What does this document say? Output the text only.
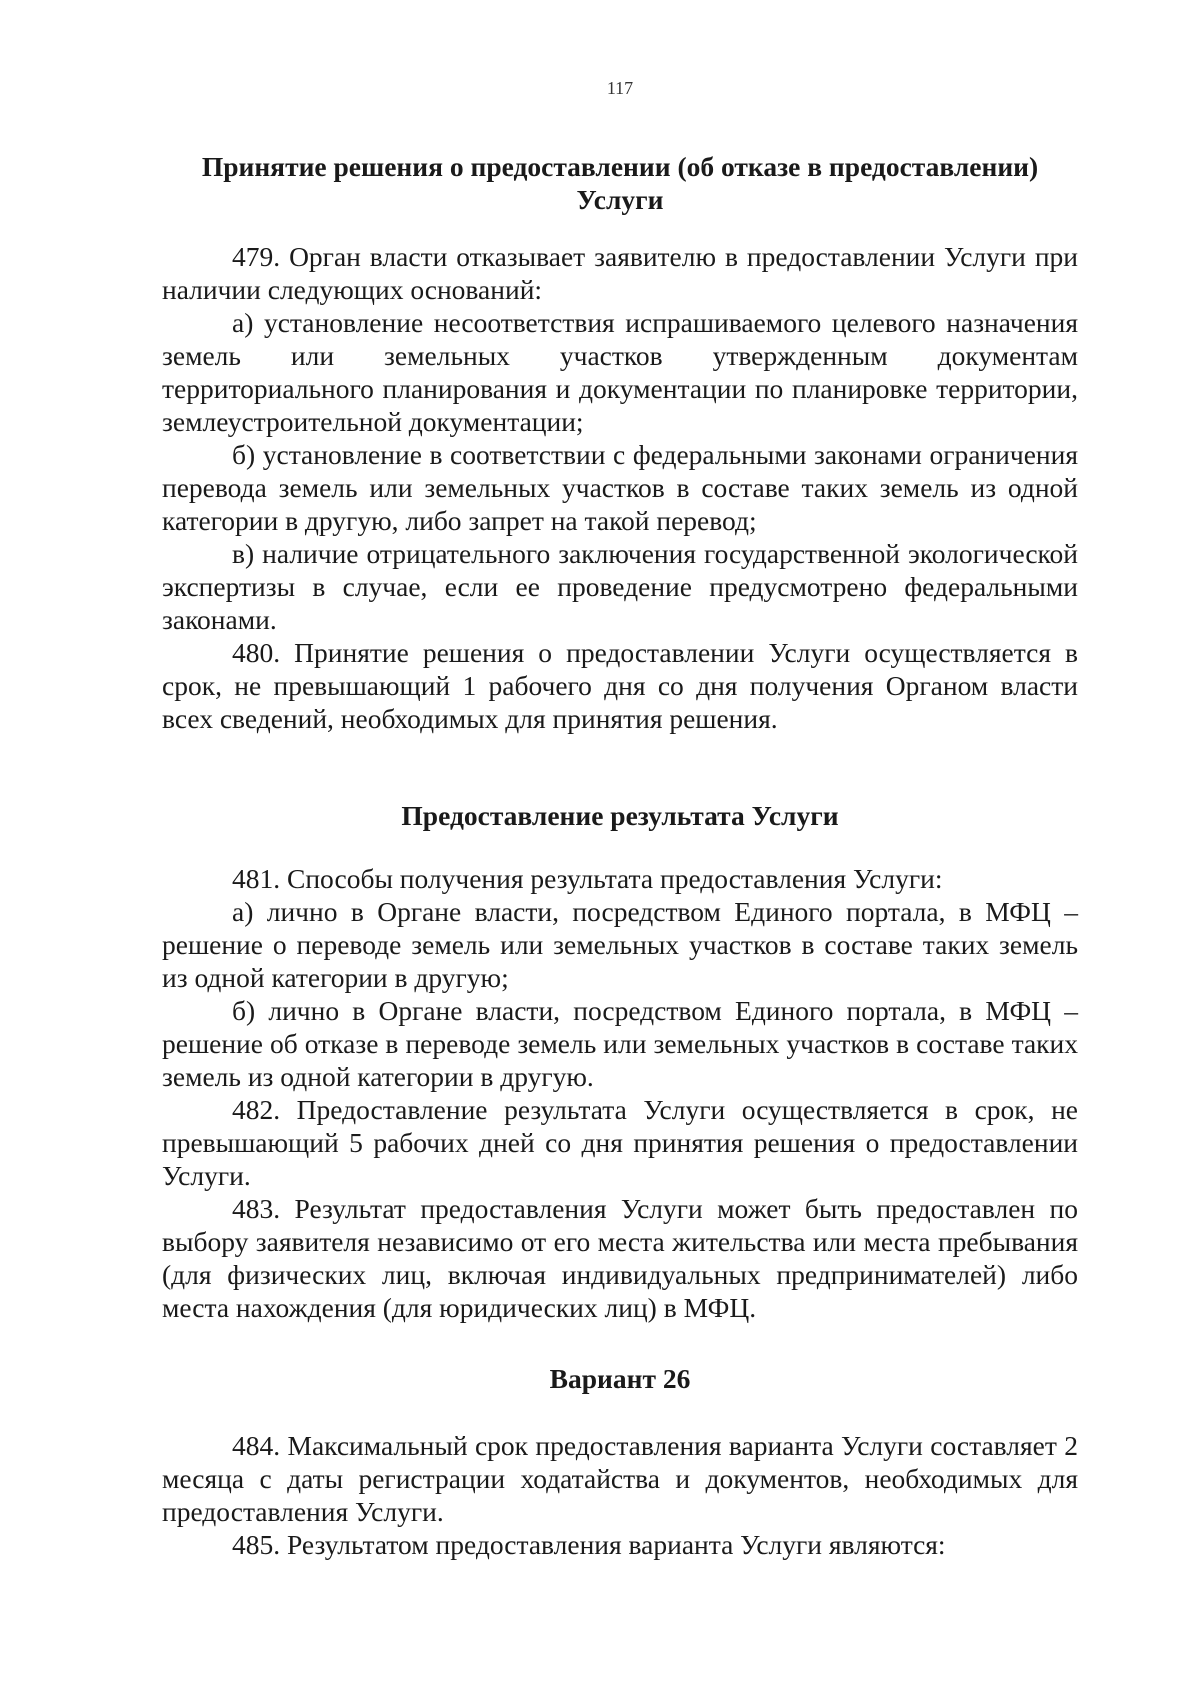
117
Принятие решения о предоставлении (об отказе в предоставлении)
Услуги

479. Орган власти отказывает заявителю в предоставлении Услуги при наличии следующих оснований:

а) установление несоответствия испрашиваемого целевого назначения земель или земельных участков утвержденным документам территориального планирования и документации по планировке территории, землеустроительной документации;

б) установление в соответствии с федеральными законами ограничения перевода земель или земельных участков в составе таких земель из одной категории в другую, либо запрет на такой перевод;

в) наличие отрицательного заключения государственной экологической экспертизы в случае, если ее проведение предусмотрено федеральными законами.

480. Принятие решения о предоставлении Услуги осуществляется в срок, не превышающий 1 рабочего дня со дня получения Органом власти всех сведений, необходимых для принятия решения.

Предоставление результата Услуги

481. Способы получения результата предоставления Услуги:

а) лично в Органе власти, посредством Единого портала, в МФЦ – решение о переводе земель или земельных участков в составе таких земель из одной категории в другую;

б) лично в Органе власти, посредством Единого портала, в МФЦ – решение об отказе в переводе земель или земельных участков в составе таких земель из одной категории в другую.

482. Предоставление результата Услуги осуществляется в срок, не превышающий 5 рабочих дней со дня принятия решения о предоставлении Услуги.

483. Результат предоставления Услуги может быть предоставлен по выбору заявителя независимо от его места жительства или места пребывания (для физических лиц, включая индивидуальных предпринимателей) либо места нахождения (для юридических лиц) в МФЦ.

Вариант 26

484. Максимальный срок предоставления варианта Услуги составляет 2 месяца с даты регистрации ходатайства и документов, необходимых для предоставления Услуги.

485. Результатом предоставления варианта Услуги являются:
